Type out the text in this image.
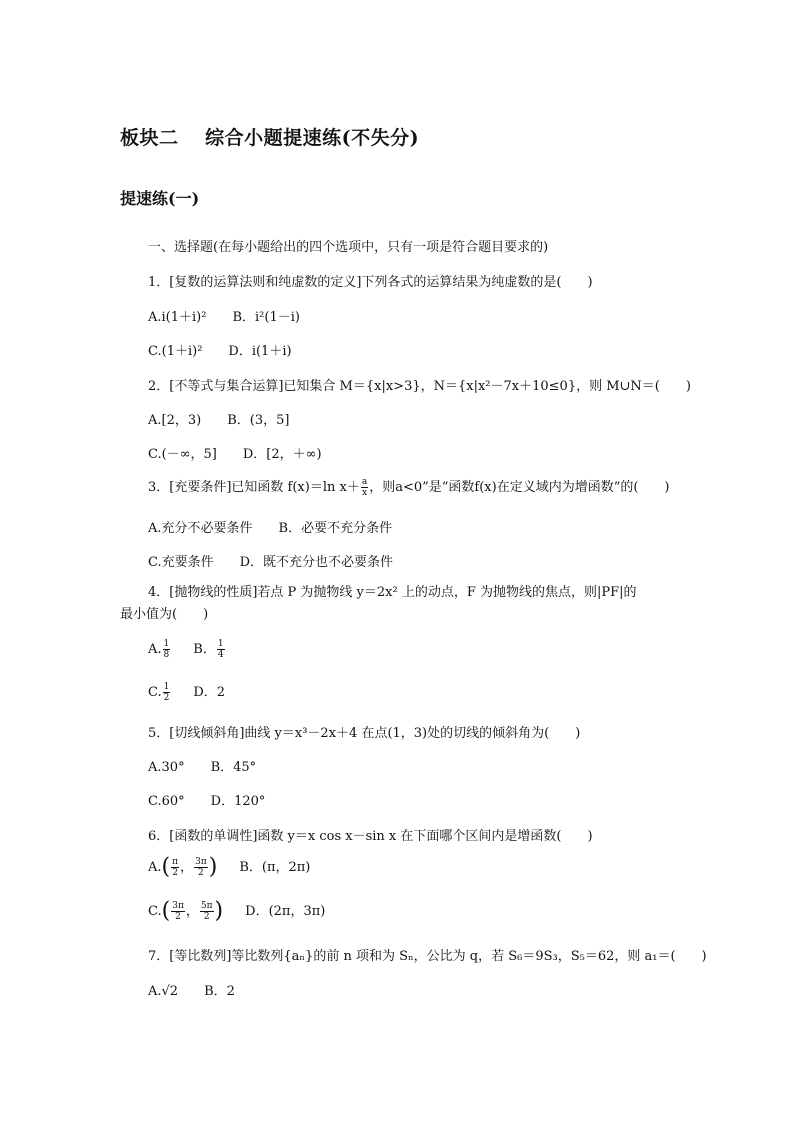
板块二　 综合小题提速练(不失分)
提速练(一)
一、选择题(在每小题给出的四个选项中，只有一项是符合题目要求的)
1．[复数的运算法则和纯虚数的定义]下列各式的运算结果为纯虚数的是(　　)
A.i(1＋i)²　　B．i²(1－i)
C.(1＋i)²　　D．i(1＋i)
2．[不等式与集合运算]已知集合 M＝{x|x>3}，N＝{x|x²－7x＋10≤0}，则 M∪N＝(　　)
A.[2，3)　　B．(3，5]
C.(－∞，5]　　D．[2，＋∞)
3．[充要条件]已知函数 f(x)＝ln $x+ \frac{a}{x}$ ，则a<0”是“函数f(x)在定义域内为增函数”的(　　)
A.充分不必要条件　　B．必要不充分条件
C.充要条件　　D．既不充分也不必要条件
4．[抛物线的性质]若点 P 为抛物线 y＝2x² 上的动点，F 为抛物线的焦点，则|PF|的最小值为(　　)
A. $\frac{1}{8}$ B． $\frac{1}{4}$
C. $\frac{1}{2}$ D．2
5．[切线倾斜角]曲线 y＝x³－2x＋4 在点(1，3)处的切线的倾斜角为(　　)
A.30°　　B．45°
C.60°　　D．120°
6．[函数的单调性]函数 y＝x cos x－sin x 在下面哪个区间内是增函数(　　)
$A.( \frac{\pi}{2}$ ， $\frac{3\pi}{2}$ ) B．(π，2π)
$C.( \frac{3\pi}{2}$ ， $\frac{5\pi}{2}$ ) D．(2π，3π)
7．[等比数列]等比数列{aₙ}的前 n 项和为 Sₙ，公比为 q，若 S₆＝9S₃，S₅＝62，则 a₁＝(　　)
A.√2　　B．2
